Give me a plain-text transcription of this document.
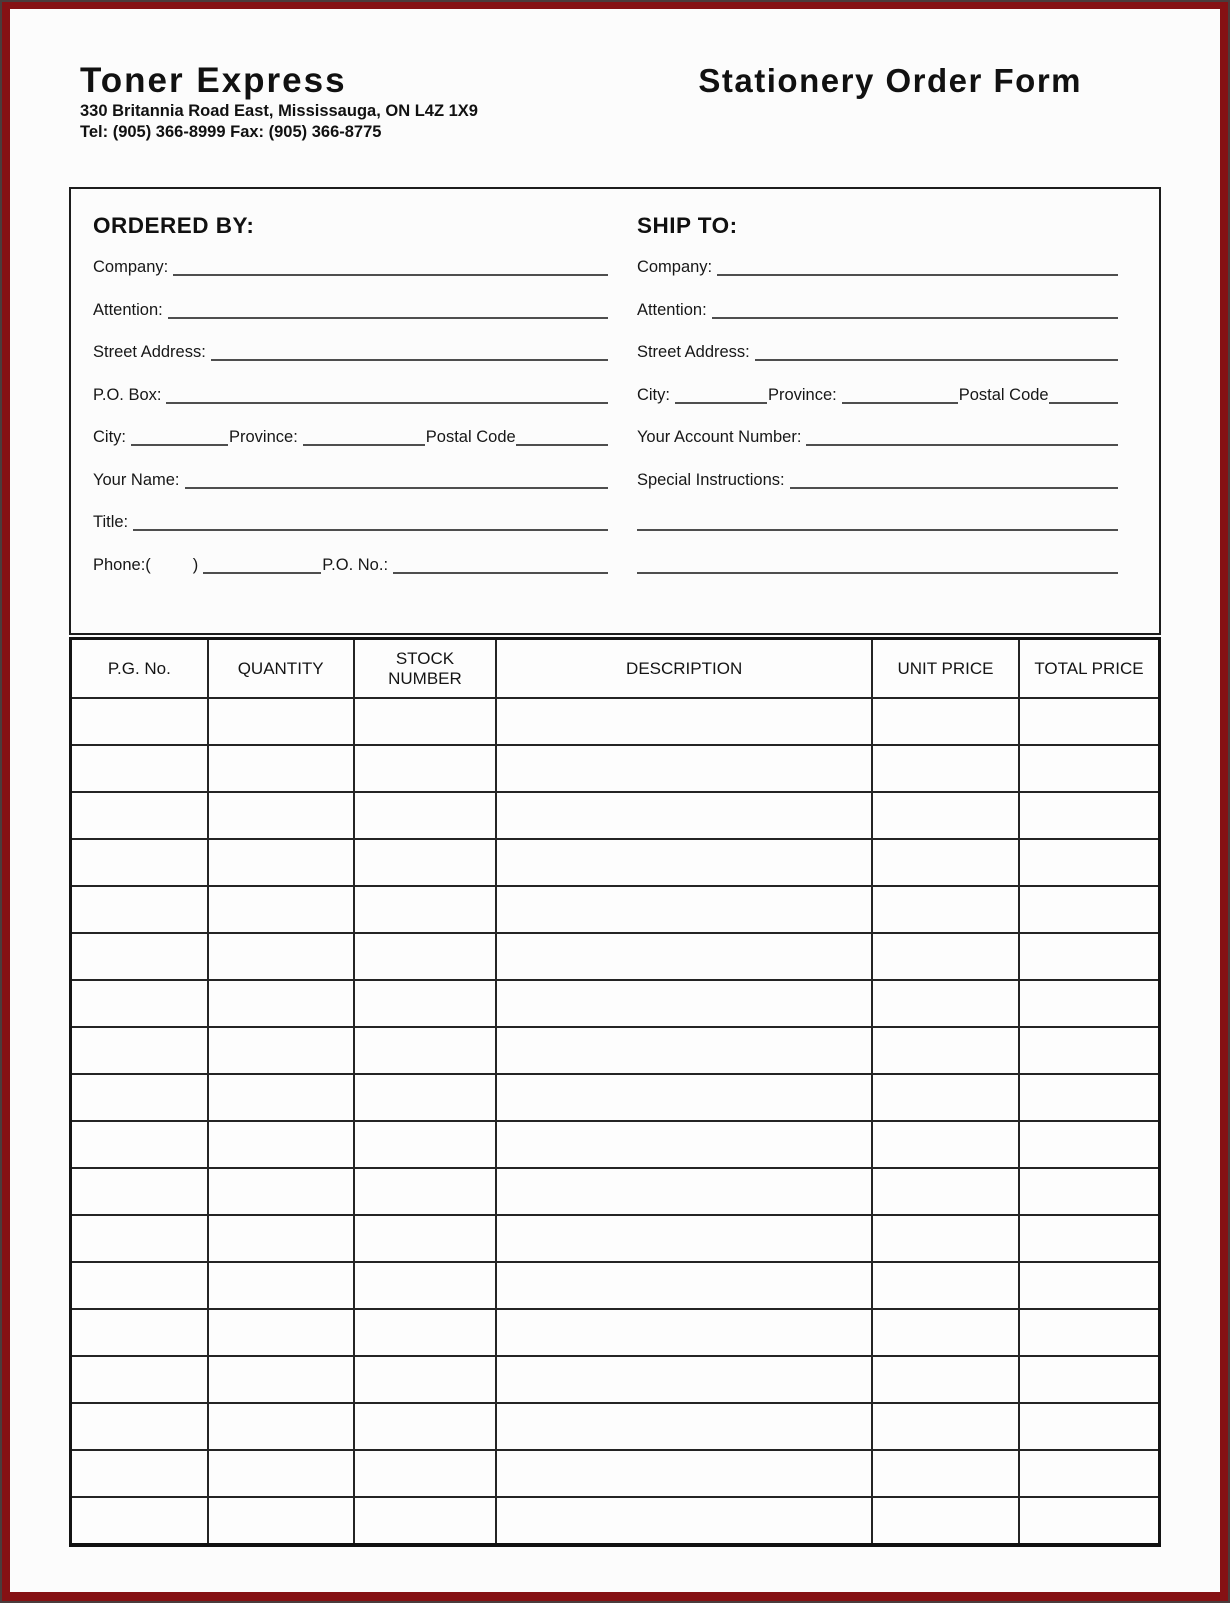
Toner Express
330 Britannia Road East, Mississauga, ON L4Z 1X9
Tel: (905) 366-8999 Fax: (905) 366-8775
Stationery Order Form
ORDERED BY:
Company:
Attention:
Street Address:
P.O. Box:
City:	Province:	Postal Code
Your Name:
Title:
Phone:(	)	P.O. No.:
SHIP TO:
Company:
Attention:
Street Address:
City:	Province:	Postal Code
Your Account Number:
Special Instructions:
P.G. No.	QUANTITY	STOCK NUMBER	DESCRIPTION	UNIT PRICE	TOTAL PRICE
